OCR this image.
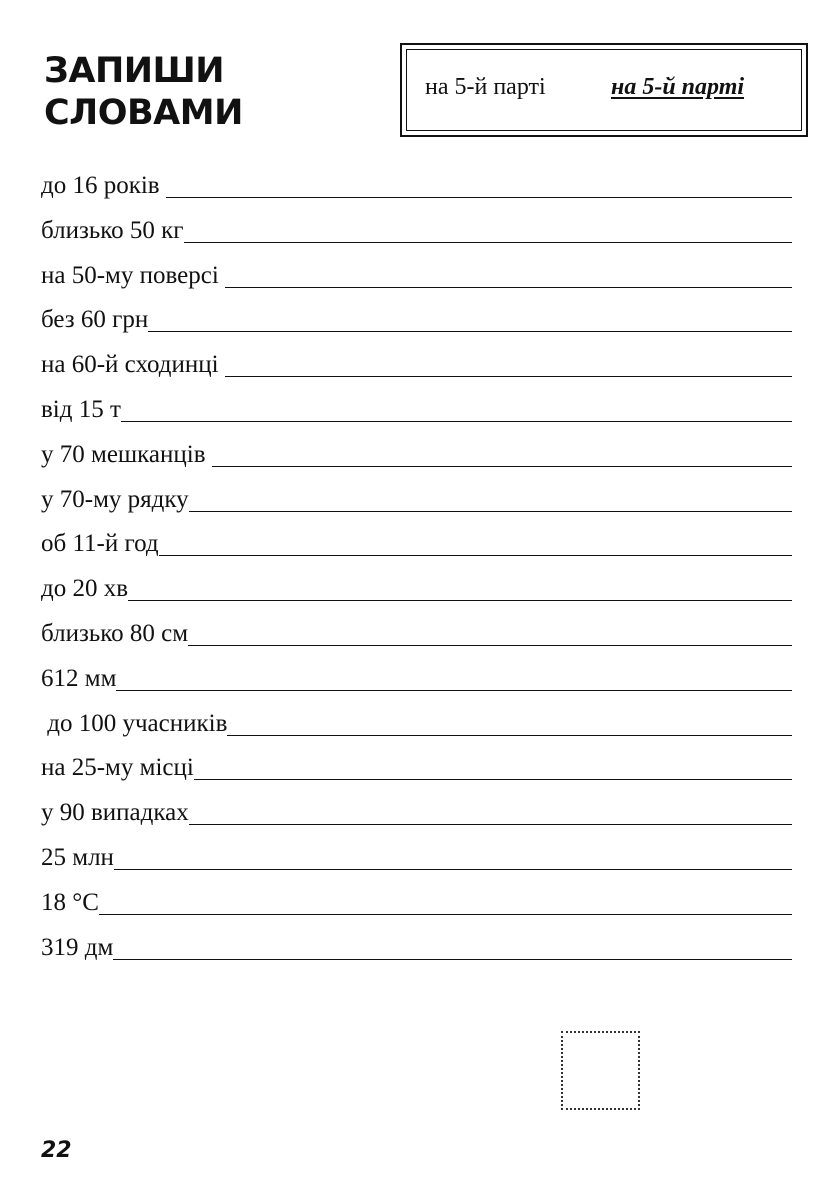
ЗАПИШИ
СЛОВАМИ
на 5-й парті	на 5-й парті
до 16 років
близько 50 кг
на 50-му поверсі
без 60 грн
на 60-й сходинці
від 15 т
у 70 мешканців
у 70-му рядку
об 11-й год
до 20 хв
близько 80 см
612 мм
до 100 учасників
на 25-му місці
у 90 випадках
25 млн
18 °С
319 дм
22
